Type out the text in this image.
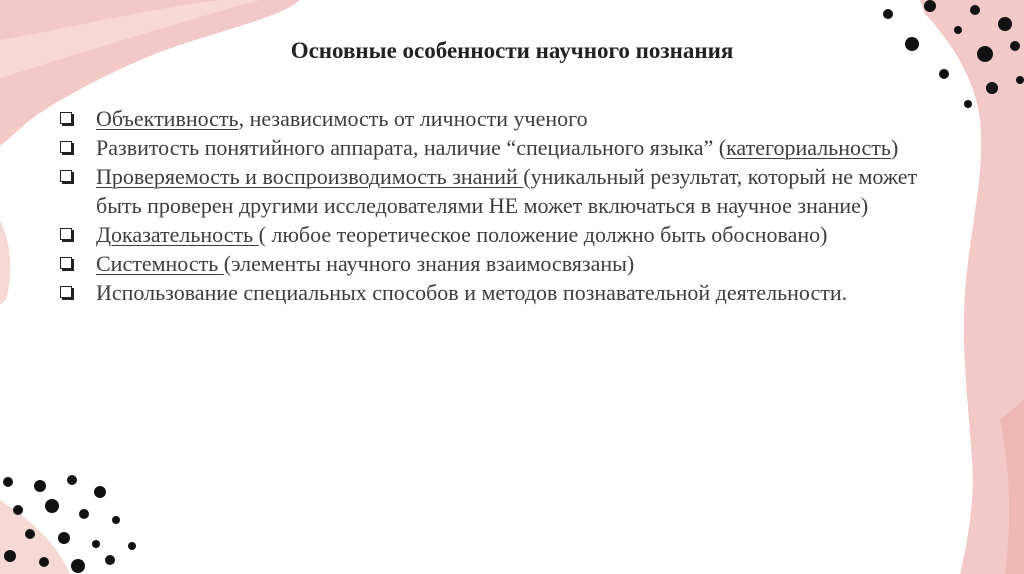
Основные особенности научного познания
Объективность, независимость от личности ученого
Развитость понятийного аппарата, наличие “специального языка” (категориальность)
Проверяемость и воспроизводимость знаний (уникальный результат, который не может быть проверен другими исследователями НЕ может включаться в научное знание)
Доказательность ( любое теоретическое положение должно быть обосновано)
Системность (элементы научного знания взаимосвязаны)
Использование специальных способов и методов познавательной деятельности.
